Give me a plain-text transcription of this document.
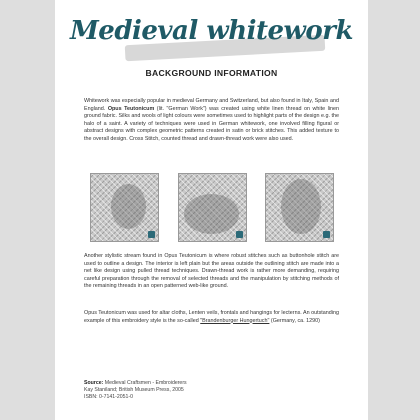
Medieval whitework
BACKGROUND INFORMATION

Whitework was especially popular in medieval Germany and Switzerland, but also found in Italy, Spain and England. Opus Teutonicum (lit. "German Work") was created using white linen thread on white linen ground fabric. Silks and wools of light colours were sometimes used to highlight parts of the design e.g. the halo of a saint. A variety of techniques were used in German whitework, one involved filling figural or abstract designs with complex geometric patterns created in satin or brick stitches. This added texture to the overall design. Cross Stitch, counted thread and drawn-thread work were also used.

Another stylistic stream found in Opus Teutonicum is where robust stitches such as buttonhole stitch are used to outline a design. The interior is left plain but the areas outside the outlining stitch are made into a net like design using pulled thread techniques. Drawn-thread work is rather more demanding, requiring careful preparation through the removal of selected threads and the manipulation by stitching methods of the remaining threads in an open patterned web-like ground.

Opus Teutonicum was used for altar cloths, Lenten veils, frontals and hangings for lecterns. An outstanding example of this embroidery style is the so-called "Brandenburger Hungertuch" (Germany, ca. 1290)

Source: Medieval Craftsmen - Embroiderers
Kay Staniland; British Museum Press, 2005
ISBN: 0-7141-2051-0
